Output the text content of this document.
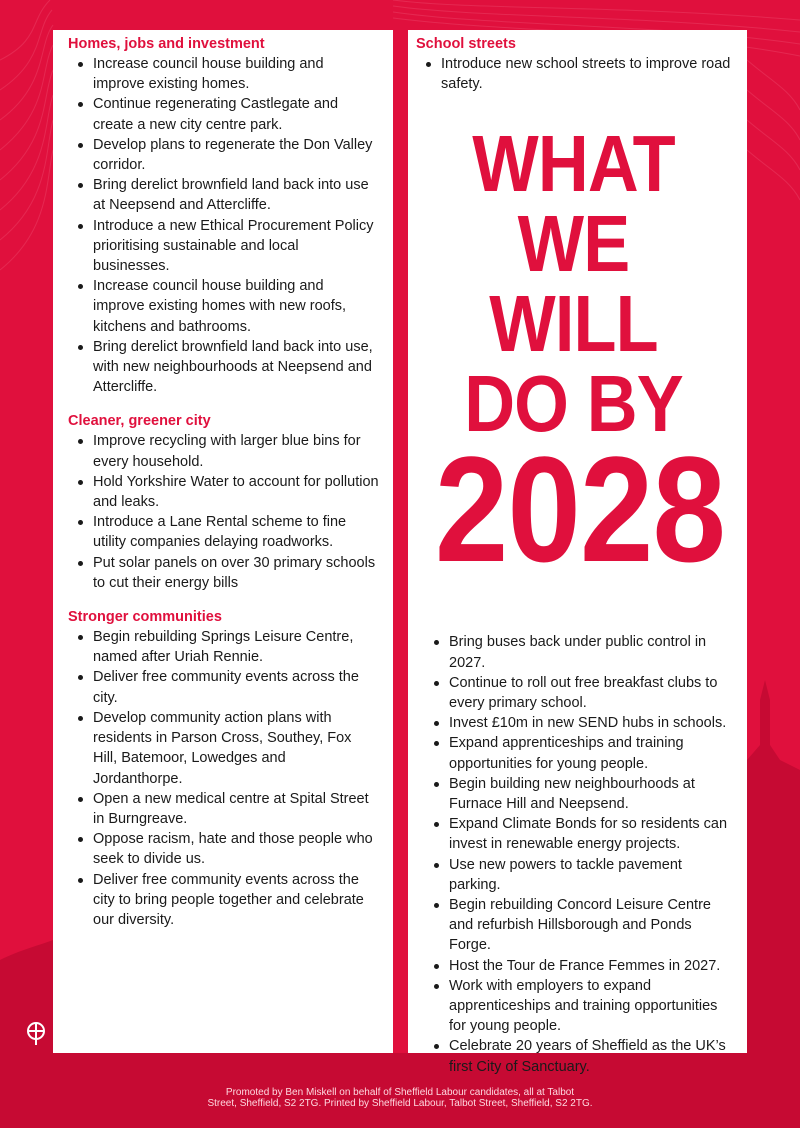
Homes, jobs and investment
Increase council house building and improve existing homes.
Continue regenerating Castlegate and create a new city centre park.
Develop plans to regenerate the Don Valley corridor.
Bring derelict brownfield land back into use at Neepsend and Attercliffe.
Introduce a new Ethical Procurement Policy prioritising sustainable and local businesses.
Increase council house building and improve existing homes with new roofs, kitchens and bathrooms.
Bring derelict brownfield land back into use, with new neighbourhoods at Neepsend and Attercliffe.
Cleaner, greener city
Improve recycling with larger blue bins for every household.
Hold Yorkshire Water to account for pollution and leaks.
Introduce a Lane Rental scheme to fine utility companies delaying roadworks.
Put solar panels on over 30 primary schools to cut their energy bills
Stronger communities
Begin rebuilding Springs Leisure Centre, named after Uriah Rennie.
Deliver free community events across the city.
Develop community action plans with residents in Parson Cross, Southey, Fox Hill, Batemoor, Lowedges and Jordanthorpe.
Open a new medical centre at Spital Street in Burngreave.
Oppose racism, hate and those people who seek to divide us.
Deliver free community events across the city to bring people together and celebrate our diversity.
School streets
Introduce new school streets to improve road safety.
WHAT WE
WILL DO BY
2028
Bring buses back under public control in 2027.
Continue to roll out free breakfast clubs to every primary school.
Invest £10m in new SEND hubs in schools.
Expand apprenticeships and training opportunities for young people.
Begin building new neighbourhoods at Furnace Hill and Neepsend.
Expand Climate Bonds for so residents can invest in renewable energy projects.
Use new powers to tackle pavement parking.
Begin rebuilding Concord Leisure Centre and refurbish Hillsborough and Ponds Forge.
Host the Tour de France Femmes in 2027.
Work with employers to expand apprenticeships and training opportunities for young people.
Celebrate 20 years of Sheffield as the UK’s first City of Sanctuary.
Promoted by Ben Miskell on behalf of Sheffield Labour candidates, all at Talbot
Street, Sheffield, S2 2TG. Printed by Sheffield Labour, Talbot Street, Sheffield, S2 2TG.
